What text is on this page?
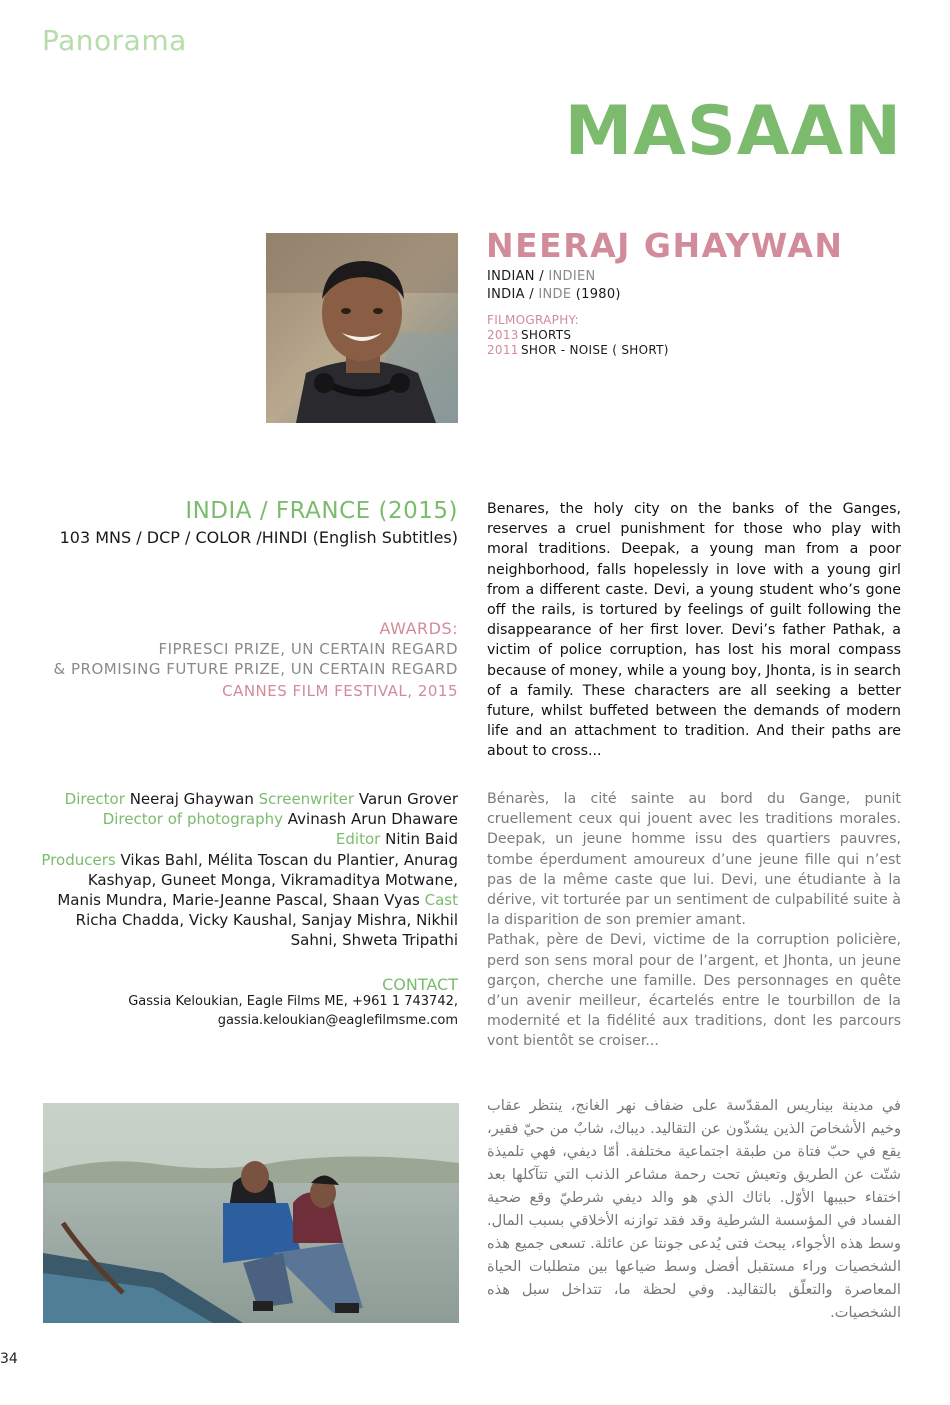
Panorama
MASAAN
NEERAJ GHAYWAN
INDIAN / INDIEN
INDIA / INDE (1980)
FILMOGRAPHY:
2013 SHORTS
2011 SHOR - NOISE ( SHORT)
INDIA / FRANCE (2015)
103 MNS / DCP / COLOR /HINDI (English Subtitles)
AWARDS:
FIPRESCI PRIZE, UN CERTAIN REGARD
& PROMISING FUTURE PRIZE, UN CERTAIN REGARD
CANNES FILM FESTIVAL, 2015
Director Neeraj Ghaywan Screenwriter Varun Grover
Director of photography Avinash Arun Dhaware
Editor Nitin Baid
Producers Vikas Bahl, Mélita Toscan du Plantier, Anurag Kashyap, Guneet Monga, Vikramaditya Motwane, Manis Mundra, Marie-Jeanne Pascal, Shaan Vyas Cast Richa Chadda, Vicky Kaushal, Sanjay Mishra, Nikhil Sahni, Shweta Tripathi
CONTACT
Gassia Keloukian, Eagle Films ME, +961 1 743742,
gassia.keloukian@eaglefilmsme.com
Benares, the holy city on the banks of the Ganges, reserves a cruel punishment for those who play with moral traditions. Deepak, a young man from a poor neighborhood, falls hopelessly in love with a young girl from a different caste. Devi, a young student who’s gone off the rails, is tortured by feelings of guilt following the disappearance of her first lover. Devi’s father Pathak, a victim of police corruption, has lost his moral compass because of money, while a young boy, Jhonta, is in search of a family. These characters are all seeking a better future, whilst buffeted between the demands of modern life and an attachment to tradition. And their paths are about to cross...
Bénarès, la cité sainte au bord du Gange, punit cruellement ceux qui jouent avec les traditions morales. Deepak, un jeune homme issu des quartiers pauvres, tombe éperdument amoureux d’une jeune fille qui n’est pas de la même caste que lui. Devi, une étudiante à la dérive, vit torturée par un sentiment de culpabilité suite à la disparition de son premier amant.
Pathak, père de Devi, victime de la corruption policière, perd son sens moral pour de l’argent, et Jhonta, un jeune garçon, cherche une famille. Des personnages en quête d’un avenir meilleur, écartelés entre le tourbillon de la modernité et la fidélité aux traditions, dont les parcours vont bientôt se croiser...
في مدينة بيناريس المقدّسة على ضفاف نهر الغانج، ينتظر عقاب وخيم الأشخاصَ الذين يشذّون عن التقاليد. ديباك، شابٌ من حيّ فقير، يقع في حبّ فتاة من طبقة اجتماعية مختلفة. أمّا ديفي، فهي تلميذة شتّت عن الطريق وتعيش تحت رحمة مشاعر الذنب التي تتآكلها بعد اختفاء حبيبها الأوّل. باثاك الذي هو والد ديفي شرطيّ وقع ضحية الفساد في المؤسسة الشرطية وقد فقد توازنه الأخلاقي بسبب المال. وسط هذه الأجواء، يبحث فتى يُدعى جونتا عن عائلة. تسعى جميع هذه الشخصيات وراء مستقبل أفضل وسط ضياعها بين متطلبات الحياة المعاصرة والتعلّق بالتقاليد. وفي لحظة ما، تتداخل سبل هذه الشخصيات.
34
